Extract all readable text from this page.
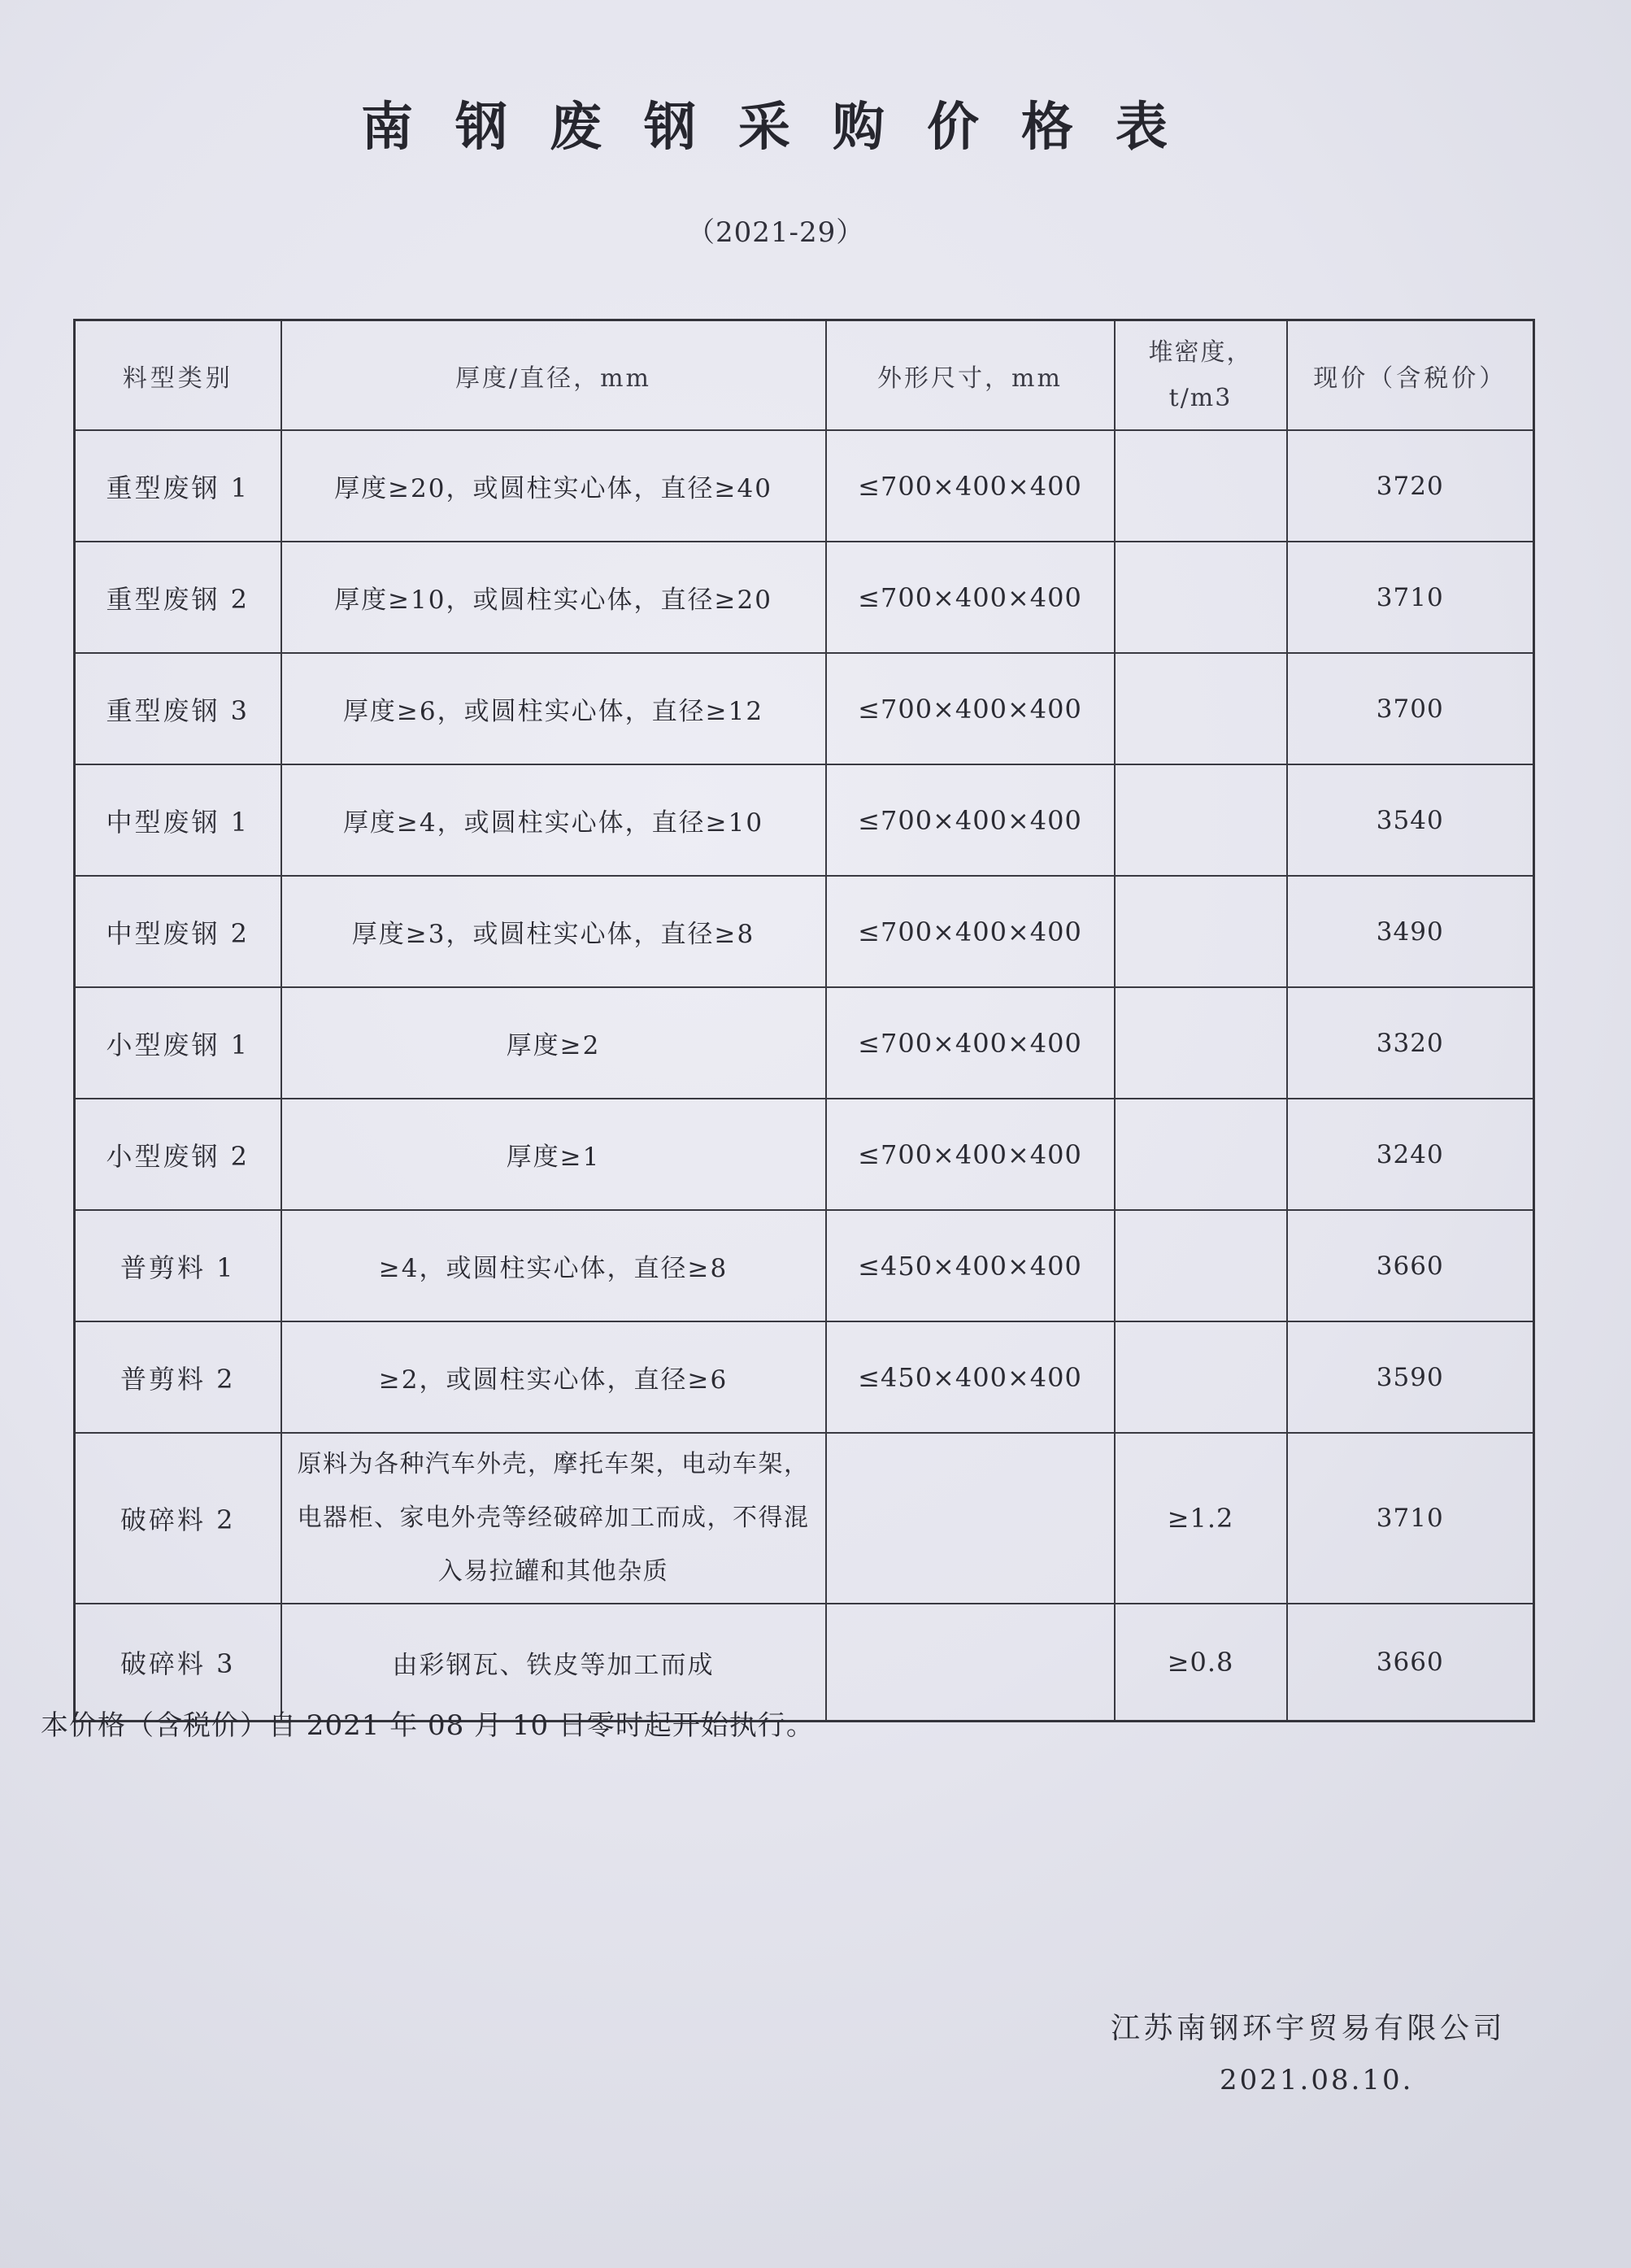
南钢废钢采购价格表
（2021-29）
料型类别	厚度/直径，mm	外形尺寸，mm	堆密度，t/m3	现价（含税价）
重型废钢 1	厚度≥20，或圆柱实心体，直径≥40	≤700×400×400		3720
重型废钢 2	厚度≥10，或圆柱实心体，直径≥20	≤700×400×400		3710
重型废钢 3	厚度≥6，或圆柱实心体，直径≥12	≤700×400×400		3700
中型废钢 1	厚度≥4，或圆柱实心体，直径≥10	≤700×400×400		3540
中型废钢 2	厚度≥3，或圆柱实心体，直径≥8	≤700×400×400		3490
小型废钢 1	厚度≥2	≤700×400×400		3320
小型废钢 2	厚度≥1	≤700×400×400		3240
普剪料 1	≥4，或圆柱实心体，直径≥8	≤450×400×400		3660
普剪料 2	≥2，或圆柱实心体，直径≥6	≤450×400×400		3590
破碎料 2	原料为各种汽车外壳，摩托车架，电动车架，电器柜、家电外壳等经破碎加工而成，不得混入易拉罐和其他杂质		≥1.2	3710
破碎料 3	由彩钢瓦、铁皮等加工而成		≥0.8	3660
本价格（含税价）自 2021 年 08 月 10 日零时起开始执行。
江苏南钢环宇贸易有限公司
2021.08.10.
